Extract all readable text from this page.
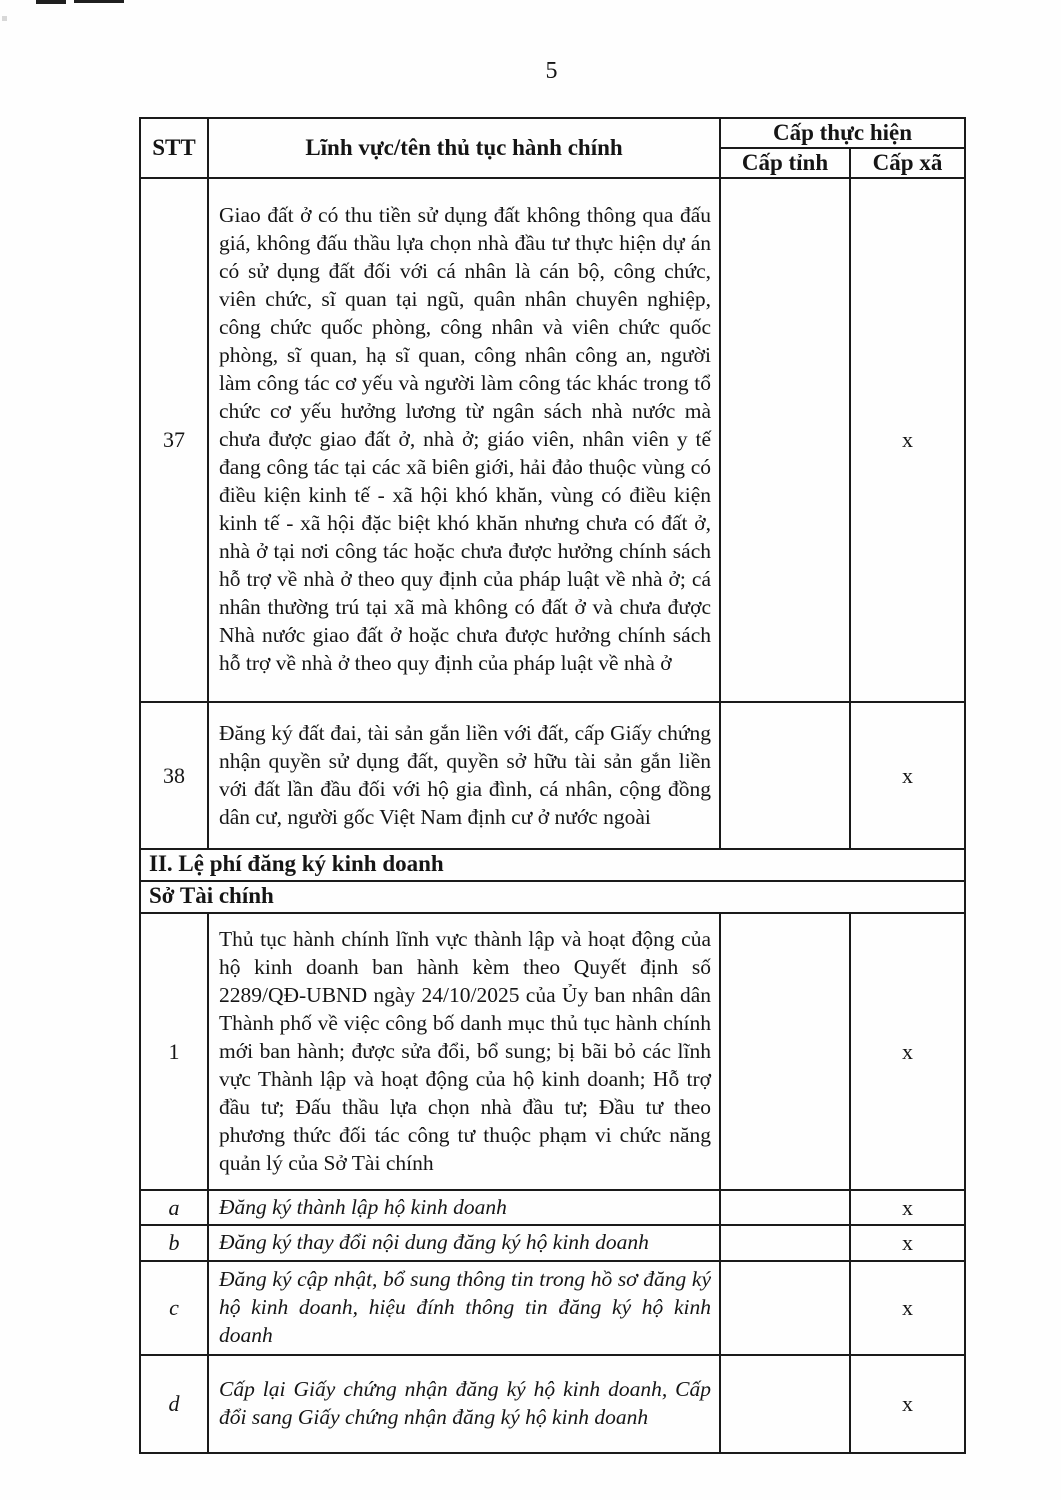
5
STT	Lĩnh vực/tên thủ tục hành chính	Cấp thực hiện	
		Cấp tỉnh	Cấp xã
37	Giao đất ở có thu tiền sử dụng đất không thông qua đấu giá, không đấu thầu lựa chọn nhà đầu tư thực hiện dự án có sử dụng đất đối với cá nhân là cán bộ, công chức, viên chức, sĩ quan tại ngũ, quân nhân chuyên nghiệp, công chức quốc phòng, công nhân và viên chức quốc phòng, sĩ quan, hạ sĩ quan, công nhân công an, người làm công tác cơ yếu và người làm công tác khác trong tổ chức cơ yếu hưởng lương từ ngân sách nhà nước mà chưa được giao đất ở, nhà ở; giáo viên, nhân viên y tế đang công tác tại các xã biên giới, hải đảo thuộc vùng có điều kiện kinh tế - xã hội khó khăn, vùng có điều kiện kinh tế - xã hội đặc biệt khó khăn nhưng chưa có đất ở, nhà ở tại nơi công tác hoặc chưa được hưởng chính sách hỗ trợ về nhà ở theo quy định của pháp luật về nhà ở; cá nhân thường trú tại xã mà không có đất ở và chưa được Nhà nước giao đất ở hoặc chưa được hưởng chính sách hỗ trợ về nhà ở theo quy định của pháp luật về nhà ở		x
38	Đăng ký đất đai, tài sản gắn liền với đất, cấp Giấy chứng nhận quyền sử dụng đất, quyền sở hữu tài sản gắn liền với đất lần đầu đối với hộ gia đình, cá nhân, cộng đồng dân cư, người gốc Việt Nam định cư ở nước ngoài		x
II. Lệ phí đăng ký kinh doanh			
Sở Tài chính			
1	Thủ tục hành chính lĩnh vực thành lập và hoạt động của hộ kinh doanh ban hành kèm theo Quyết định số 2289/QĐ-UBND ngày 24/10/2025 của Ủy ban nhân dân Thành phố về việc công bố danh mục thủ tục hành chính mới ban hành; được sửa đổi, bổ sung; bị bãi bỏ các lĩnh vực Thành lập và hoạt động của hộ kinh doanh; Hỗ trợ đầu tư; Đấu thầu lựa chọn nhà đầu tư; Đầu tư theo phương thức đối tác công tư thuộc phạm vi chức năng quản lý của Sở Tài chính		x
a	Đăng ký thành lập hộ kinh doanh		x
b	Đăng ký thay đổi nội dung đăng ký hộ kinh doanh		x
c	Đăng ký cập nhật, bổ sung thông tin trong hồ sơ đăng ký hộ kinh doanh, hiệu đính thông tin đăng ký hộ kinh doanh		x
d	Cấp lại Giấy chứng nhận đăng ký hộ kinh doanh, Cấp đổi sang Giấy chứng nhận đăng ký hộ kinh doanh		x
